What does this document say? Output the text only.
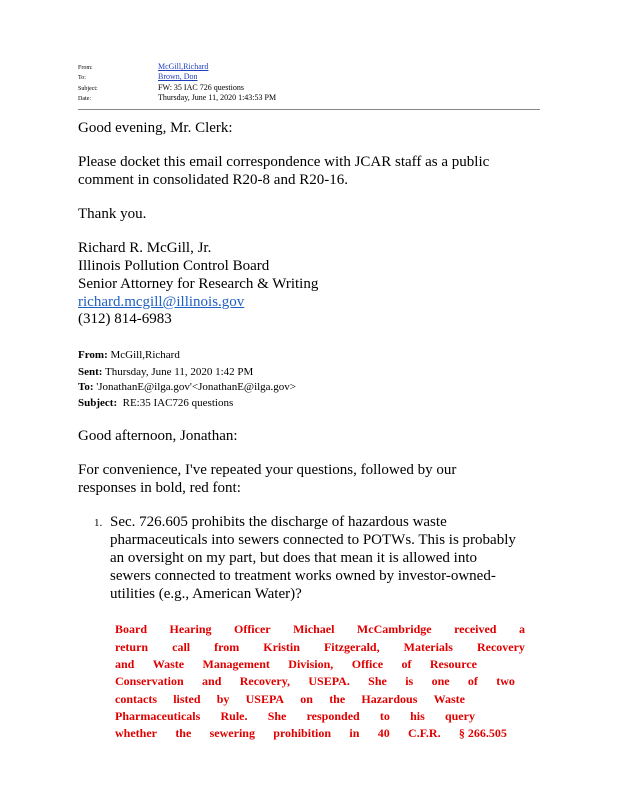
From:	McGill,Richard
To:	Brown, Don
Subject:	FW: 35 IAC 726 questions
Date:	Thursday, June 11, 2020 1:43:53 PM
Good evening, Mr. Clerk:
Please docket this email correspondence with JCAR staff as a public
comment in consolidated R20-8 and R20-16.
Thank you.
Richard R. McGill, Jr.
Illinois Pollution Control Board
Senior Attorney for Research & Writing
richard.mcgill@illinois.gov
(312) 814-6983
From: McGill,Richard
Sent: Thursday, June 11, 2020 1:42 PM
To: 'JonathanE@ilga.gov'<JonathanE@ilga.gov>
Subject: RE:35 IAC726 questions
Good afternoon, Jonathan:
For convenience, I've repeated your questions, followed by our
responses in bold, red font:
1. Sec. 726.605 prohibits the discharge of hazardous waste
pharmaceuticals into sewers connected to POTWs. This is probably
an oversight on my part, but does that mean it is allowed into
sewers connected to treatment works owned by investor-owned-
utilities (e.g., American Water)?
Board Hearing Officer Michael McCambridge received a
return call from Kristin Fitzgerald, Materials Recovery
and Waste Management Division, Office of Resource
Conservation and Recovery, USEPA. She is one of two
contacts listed by USEPA on the Hazardous Waste
Pharmaceuticals Rule. She responded to his query
whether the sewering prohibition in 40 C.F.R. § 266.505
